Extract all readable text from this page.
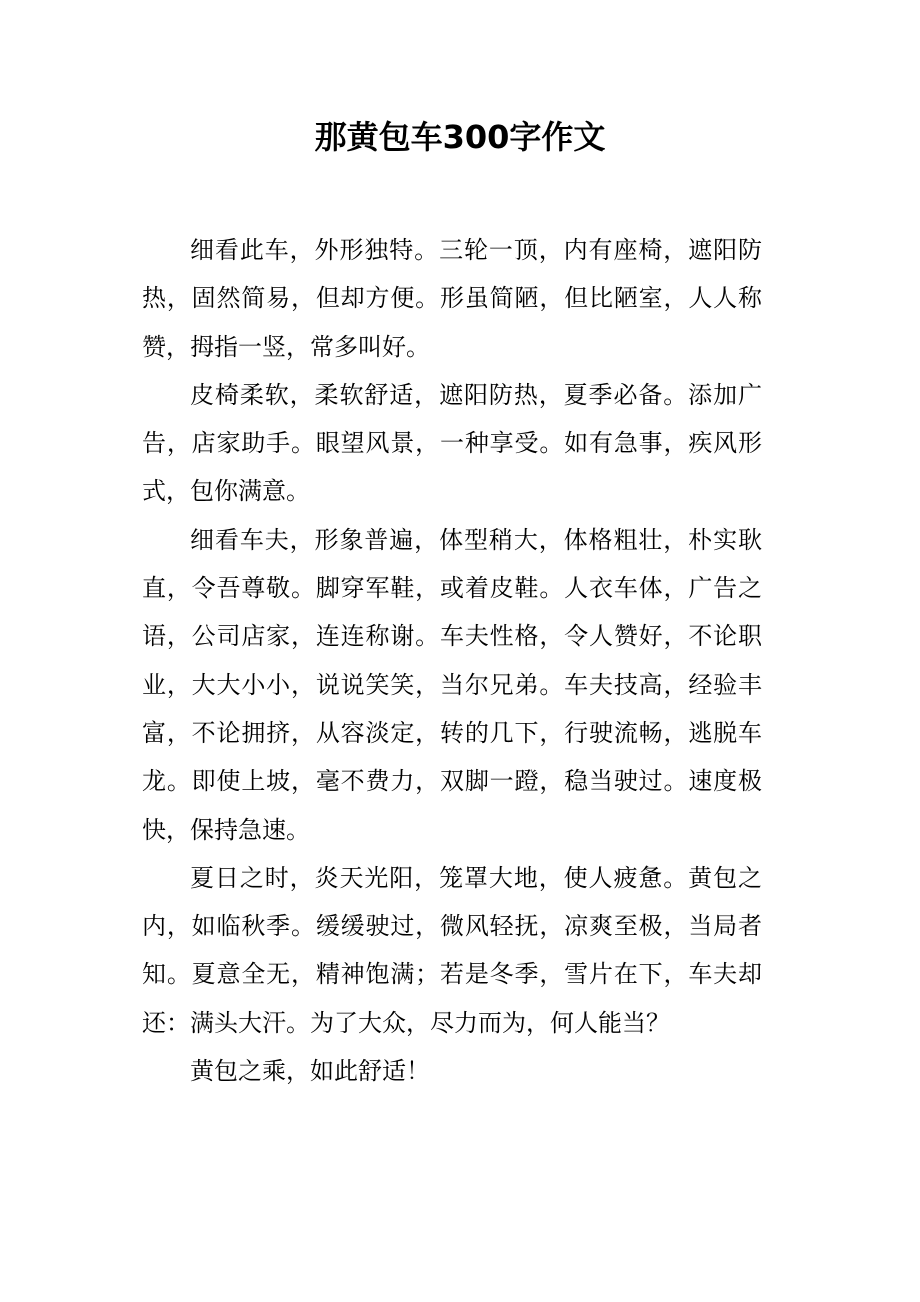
那黄包车300字作文

细看此车，外形独特。三轮一顶，内有座椅，遮阳防热，固然简易，但却方便。形虽简陋，但比陋室，人人称赞，拇指一竖，常多叫好。

皮椅柔软，柔软舒适，遮阳防热，夏季必备。添加广告，店家助手。眼望风景，一种享受。如有急事，疾风形式，包你满意。

细看车夫，形象普遍，体型稍大，体格粗壮，朴实耿直，令吾尊敬。脚穿军鞋，或着皮鞋。人衣车体，广告之语，公司店家，连连称谢。车夫性格，令人赞好，不论职业，大大小小，说说笑笑，当尔兄弟。车夫技高，经验丰富，不论拥挤，从容淡定，转的几下，行驶流畅，逃脱车龙。即使上坡，毫不费力，双脚一蹬，稳当驶过。速度极快，保持急速。

夏日之时，炎天光阳，笼罩大地，使人疲惫。黄包之内，如临秋季。缓缓驶过，微风轻抚，凉爽至极，当局者知。夏意全无，精神饱满；若是冬季，雪片在下，车夫却还：满头大汗。为了大众，尽力而为，何人能当？

黄包之乘，如此舒适！
